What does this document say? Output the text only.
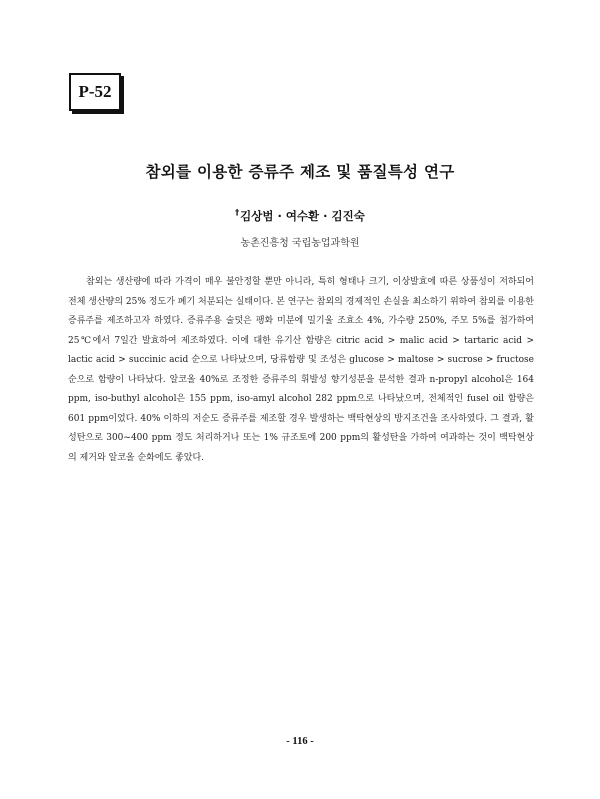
P-52
참외를 이용한 증류주 제조 및 품질특성 연구
†김상범 · 여수환 · 김진숙
농촌진흥청 국립농업과학원

참외는 생산량에 따라 가격이 매우 불안정할 뿐만 아니라, 특히 형태나 크기, 이상발효에 따른 상품성이 저하되어 전체 생산량의 25% 정도가 폐기 처분되는 실태이다. 본 연구는 참외의 경제적인 손실을 최소하기 위하여 참외를 이용한 증류주를 제조하고자 하였다. 증류주용 술덧은 팽화 미분에 밀기울 조효소 4%, 가수량 250%, 주모 5%를 첨가하여 25℃에서 7일간 발효하여 제조하였다. 이에 대한 유기산 함량은 citric acid > malic acid > tartaric acid > lactic acid > succinic acid 순으로 나타났으며, 당류함량 및 조성은 glucose > maltose > sucrose > fructose 순으로 함량이 나타났다. 알코올 40%로 조정한 증류주의 휘발성 향기성분을 분석한 결과 n-propyl alcohol은 164 ppm, iso-buthyl alcohol은 155 ppm, iso-amyl alcohol 282 ppm으로 나타났으며, 전체적인 fusel oil 함량은 601 ppm이었다. 40% 이하의 저순도 증류주를 제조할 경우 발생하는 백탁현상의 방지조건을 조사하였다. 그 결과, 활성탄으로 300~400 ppm 정도 처리하거나 또는 1% 규조토에 200 ppm의 활성탄을 가하여 여과하는 것이 백탁현상의 제거와 알코올 순화에도 좋았다.

- 116 -
